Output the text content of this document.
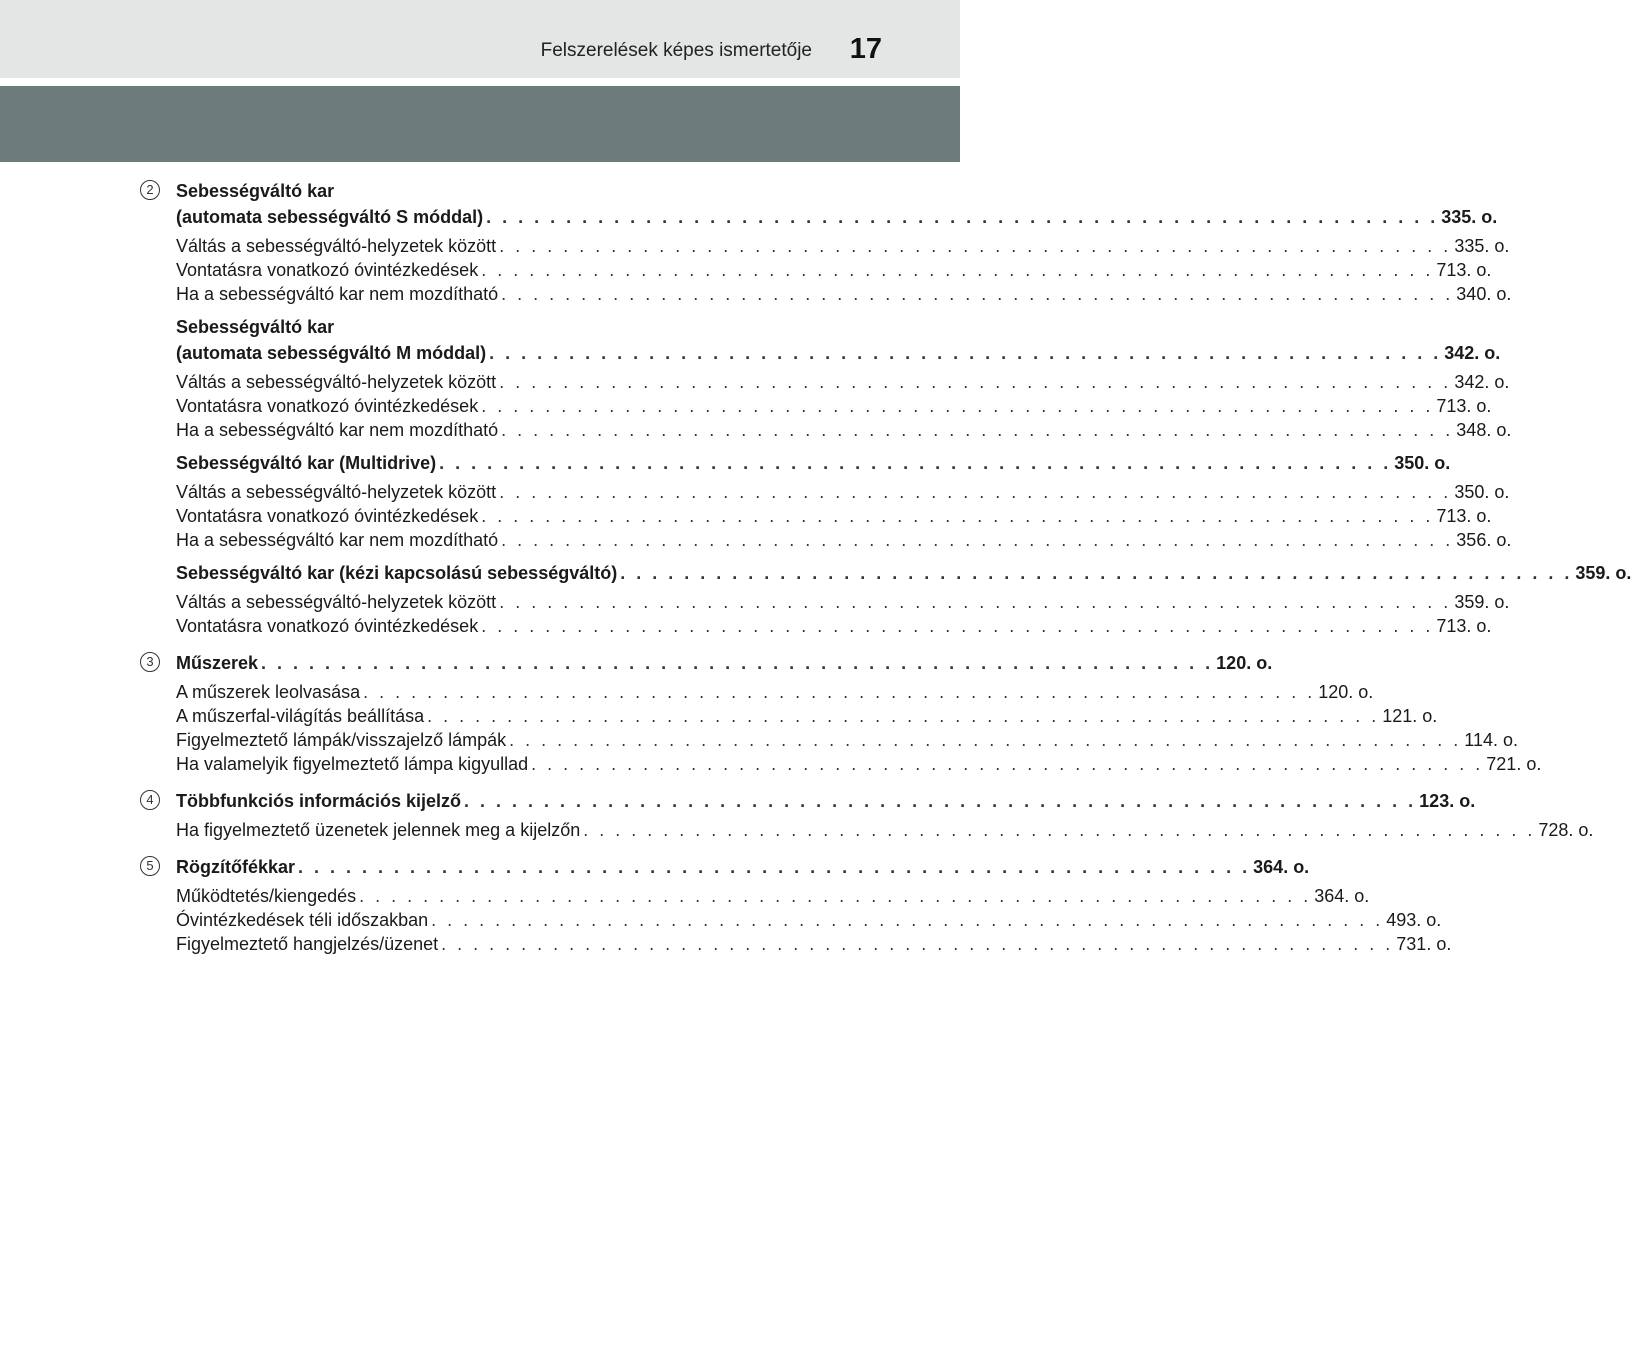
Felszerelések képes ismertetője 17
2	Sebességváltó kar
(automata sebességváltó S móddal) . . . . . . . . . . . . . . . . . . . . . . . . . . . . . . . . . . . . . . . . . . . . . . . . . . . . . . . . . . . . 335. o.
Váltás a sebességváltó-helyzetek között . . . . . . . . . . . . . . . . . . . . . . . . . . . . . . . . . . . . . . . . . . . . . . . . . . . . . . . . . . . . 335. o.
Vontatásra vonatkozó óvintézkedések . . . . . . . . . . . . . . . . . . . . . . . . . . . . . . . . . . . . . . . . . . . . . . . . . . . . . . . . . . . . 713. o.
Ha a sebességváltó kar nem mozdítható . . . . . . . . . . . . . . . . . . . . . . . . . . . . . . . . . . . . . . . . . . . . . . . . . . . . . . . . . . . . 340. o.
Sebességváltó kar
(automata sebességváltó M móddal) . . . . . . . . . . . . . . . . . . . . . . . . . . . . . . . . . . . . . . . . . . . . . . . . . . . . . . . . . . . . 342. o.
Váltás a sebességváltó-helyzetek között . . . . . . . . . . . . . . . . . . . . . . . . . . . . . . . . . . . . . . . . . . . . . . . . . . . . . . . . . . . . 342. o.
Vontatásra vonatkozó óvintézkedések . . . . . . . . . . . . . . . . . . . . . . . . . . . . . . . . . . . . . . . . . . . . . . . . . . . . . . . . . . . . 713. o.
Ha a sebességváltó kar nem mozdítható . . . . . . . . . . . . . . . . . . . . . . . . . . . . . . . . . . . . . . . . . . . . . . . . . . . . . . . . . . . . 348. o.
Sebességváltó kar (Multidrive) . . . . . . . . . . . . . . . . . . . . . . . . . . . . . . . . . . . . . . . . . . . . . . . . . . . . . . . . . . . . 350. o.
Váltás a sebességváltó-helyzetek között . . . . . . . . . . . . . . . . . . . . . . . . . . . . . . . . . . . . . . . . . . . . . . . . . . . . . . . . . . . . 350. o.
Vontatásra vonatkozó óvintézkedések . . . . . . . . . . . . . . . . . . . . . . . . . . . . . . . . . . . . . . . . . . . . . . . . . . . . . . . . . . . . 713. o.
Ha a sebességváltó kar nem mozdítható . . . . . . . . . . . . . . . . . . . . . . . . . . . . . . . . . . . . . . . . . . . . . . . . . . . . . . . . . . . . 356. o.
Sebességváltó kar (kézi kapcsolású sebességváltó) . . . . . . . . . . . . . . . . . . . . . . . . . . . . . . . . . . . . . . . . . . . . . . . . . . . . . . . . . . . . 359. o.
Váltás a sebességváltó-helyzetek között . . . . . . . . . . . . . . . . . . . . . . . . . . . . . . . . . . . . . . . . . . . . . . . . . . . . . . . . . . . . 359. o.
Vontatásra vonatkozó óvintézkedések . . . . . . . . . . . . . . . . . . . . . . . . . . . . . . . . . . . . . . . . . . . . . . . . . . . . . . . . . . . . 713. o.
3	Műszerek . . . . . . . . . . . . . . . . . . . . . . . . . . . . . . . . . . . . . . . . . . . . . . . . . . . . . . . . . . . . 120. o.
A műszerek leolvasása . . . . . . . . . . . . . . . . . . . . . . . . . . . . . . . . . . . . . . . . . . . . . . . . . . . . . . . . . . . . 120. o.
A műszerfal-világítás beállítása . . . . . . . . . . . . . . . . . . . . . . . . . . . . . . . . . . . . . . . . . . . . . . . . . . . . . . . . . . . . 121. o.
Figyelmeztető lámpák/visszajelző lámpák . . . . . . . . . . . . . . . . . . . . . . . . . . . . . . . . . . . . . . . . . . . . . . . . . . . . . . . . . . . . 114. o.
Ha valamelyik figyelmeztető lámpa kigyullad . . . . . . . . . . . . . . . . . . . . . . . . . . . . . . . . . . . . . . . . . . . . . . . . . . . . . . . . . . . . 721. o.
4	Többfunkciós információs kijelző . . . . . . . . . . . . . . . . . . . . . . . . . . . . . . . . . . . . . . . . . . . . . . . . . . . . . . . . . . . . 123. o.
Ha figyelmeztető üzenetek jelennek meg a kijelzőn . . . . . . . . . . . . . . . . . . . . . . . . . . . . . . . . . . . . . . . . . . . . . . . . . . . . . . . . . . . . 728. o.
5	Rögzítőfékkar . . . . . . . . . . . . . . . . . . . . . . . . . . . . . . . . . . . . . . . . . . . . . . . . . . . . . . . . . . . . 364. o.
Működtetés/kiengedés . . . . . . . . . . . . . . . . . . . . . . . . . . . . . . . . . . . . . . . . . . . . . . . . . . . . . . . . . . . . 364. o.
Óvintézkedések téli időszakban . . . . . . . . . . . . . . . . . . . . . . . . . . . . . . . . . . . . . . . . . . . . . . . . . . . . . . . . . . . . 493. o.
Figyelmeztető hangjelzés/üzenet . . . . . . . . . . . . . . . . . . . . . . . . . . . . . . . . . . . . . . . . . . . . . . . . . . . . . . . . . . . . 731. o.
